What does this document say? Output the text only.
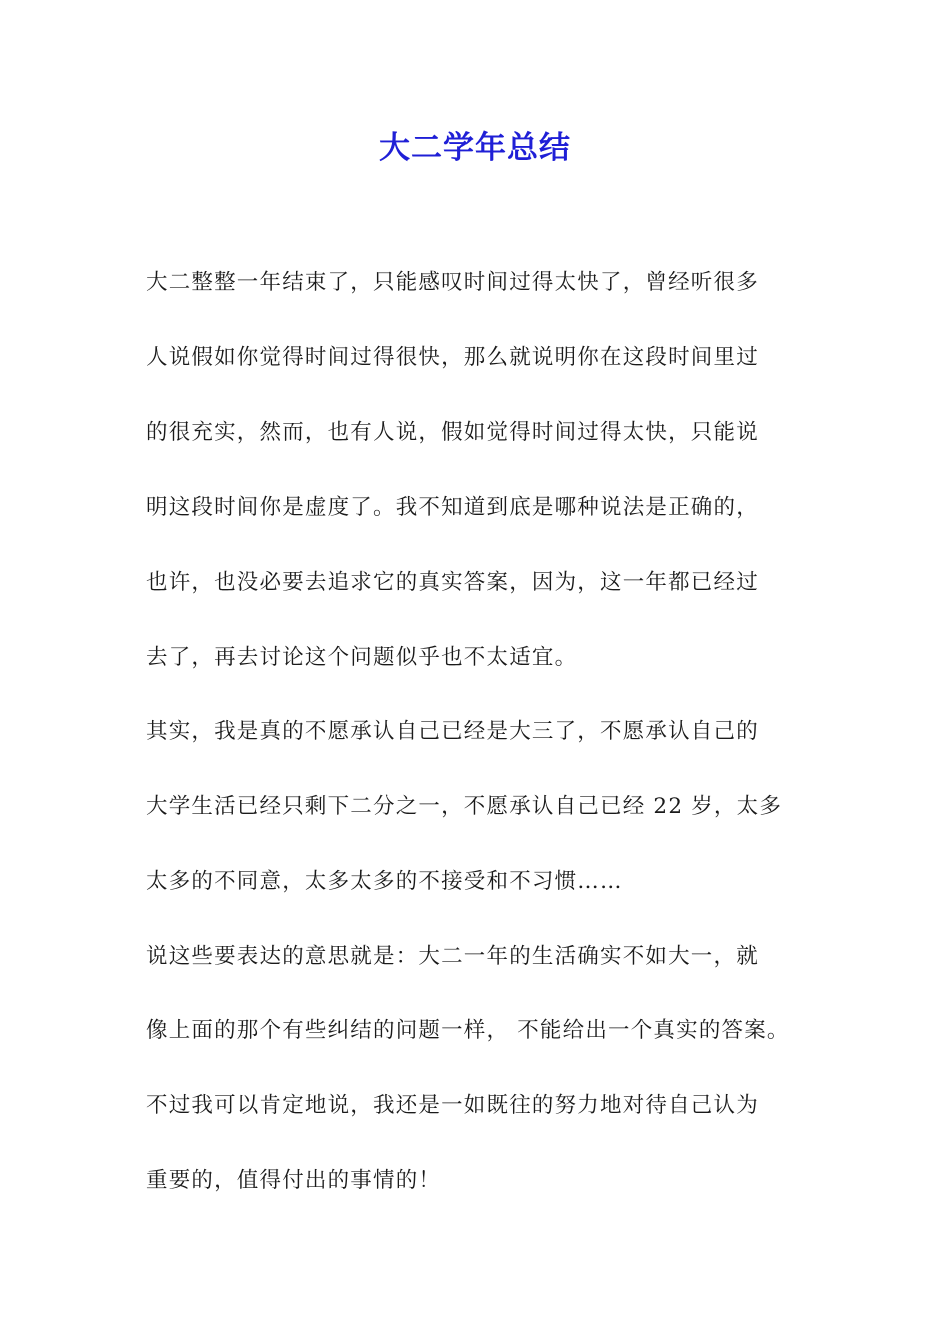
大二学年总结
大二整整一年结束了，只能感叹时间过得太快了，曾经听很多
人说假如你觉得时间过得很快，那么就说明你在这段时间里过
的很充实，然而，也有人说，假如觉得时间过得太快，只能说
明这段时间你是虚度了。我不知道到底是哪种说法是正确的，
也许，也没必要去追求它的真实答案，因为，这一年都已经过
去了，再去讨论这个问题似乎也不太适宜。
其实，我是真的不愿承认自己已经是大三了，不愿承认自己的
大学生活已经只剩下二分之一，不愿承认自己已经 22 岁，太多
太多的不同意，太多太多的不接受和不习惯……
说这些要表达的意思就是：大二一年的生活确实不如大一，就
像上面的那个有些纠结的问题一样， 不能给出一个真实的答案。
不过我可以肯定地说，我还是一如既往的努力地对待自己认为
重要的，值得付出的事情的！
